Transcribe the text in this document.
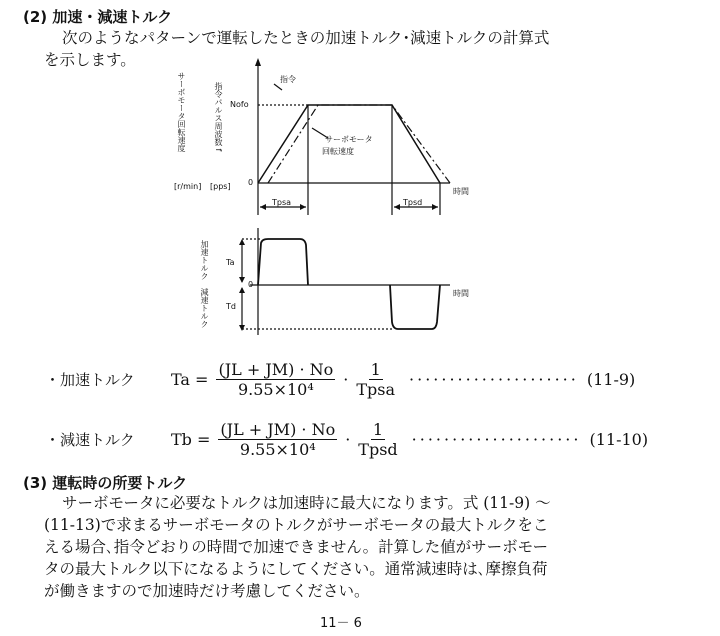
(2) 加速・減速トルク
次のようなパターンで運転したときの加速トルク･減速トルクの計算式
を示します。
サーボモータ回転速度
[r/min]
指令パルス周波数 f
[pps]
Nofo
0
指令
サーボモータ
回転速度
Tpsa	Tpsd
時間
加速トルク
減速トルク
Ta
Td
0
時間
・加速トルク	$Ta = \frac{(JL + JM) \cdot No}{\text{9.55×10⁴}} \cdot \frac{1}{\text{Tpsa}}$ ····················· (11-9)
・減速トルク	$Tb = \frac{(JL + JM) \cdot No}{\text{9.55×10⁴}} \cdot \frac{1}{\text{Tpsd}}$ ····················· (11-10)
(3) 運転時の所要トルク
サーボモータに必要なトルクは加速時に最大になります。式 (11-9) ～
(11-13)で求まるサーボモータのトルクがサーボモータの最大トルクをこ
える場合､指令どおりの時間で加速できません。計算した値がサーボモー
タの最大トルク以下になるようにしてください。通常減速時は､摩擦負荷
が働きますので加速時だけ考慮してください。
11－ 6
